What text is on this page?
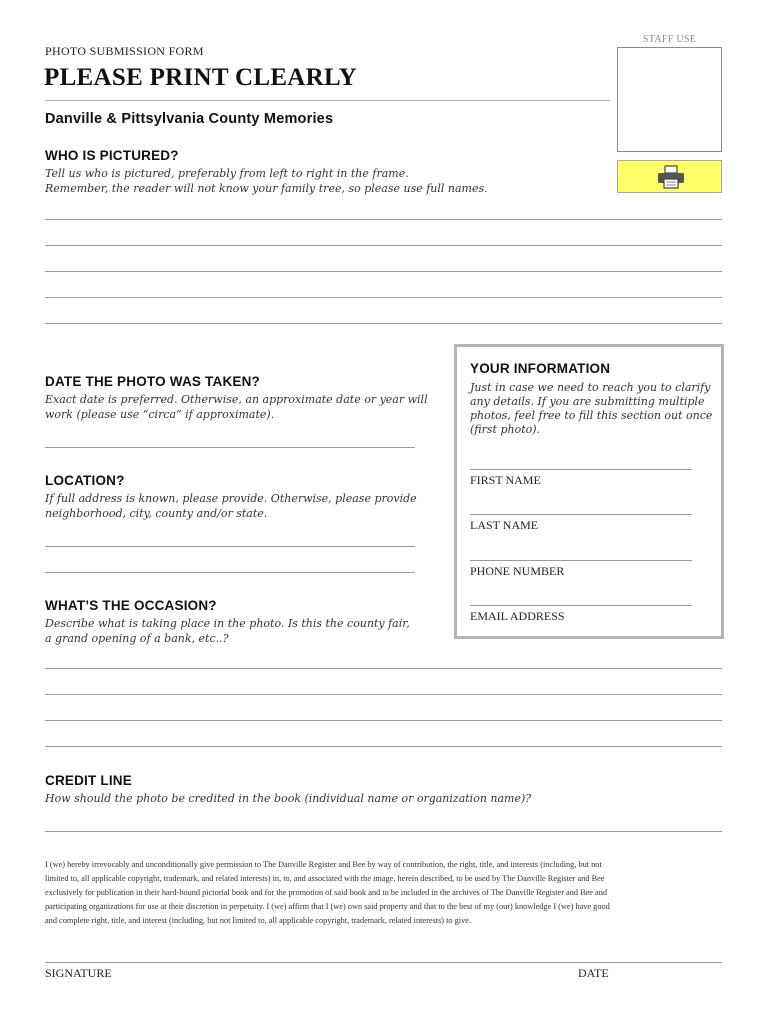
STAFF USE
PHOTO SUBMISSION FORM
PLEASE PRINT CLEARLY
Danville & Pittsylvania County Memories
WHO IS PICTURED?
Tell us who is pictured, preferably from left to right in the frame.
Remember, the reader will not know your family tree, so please use full names.
DATE THE PHOTO WAS TAKEN?
Exact date is preferred. Otherwise, an approximate date or year will
work (please use “circa” if approximate).
LOCATION?
If full address is known, please provide. Otherwise, please provide
neighborhood, city, county and/or state.
WHAT’S THE OCCASION?
Describe what is taking place in the photo. Is this the county fair,
a grand opening of a bank, etc..?
YOUR INFORMATION
Just in case we need to reach you to clarify
any details. If you are submitting multiple
photos, feel free to fill this section out once
(first photo).
FIRST NAME
LAST NAME
PHONE NUMBER
EMAIL ADDRESS
CREDIT LINE
How should the photo be credited in the book (individual name or organization name)?
I (we) hereby irrevocably and unconditionally give permission to The Danville Register and Bee by way of contribution, the right, title, and interests (including, but not
limited to, all applicable copyright, trademark, and related interests) in, to, and associated with the image, herein described, to be used by The Danville Register and Bee
exclusively for publication in their hard-bound pictorial book and for the promotion of said book and to be included in the archives of The Danville Register and Bee and
participating organizations for use at their discretion in perpetuity. I (we) affirm that I (we) own said property and that to the best of my (our) knowledge I (we) have good
and complete right, title, and interest (including, but not limited to, all applicable copyright, trademark, related interests) to give.
SIGNATURE	DATE
